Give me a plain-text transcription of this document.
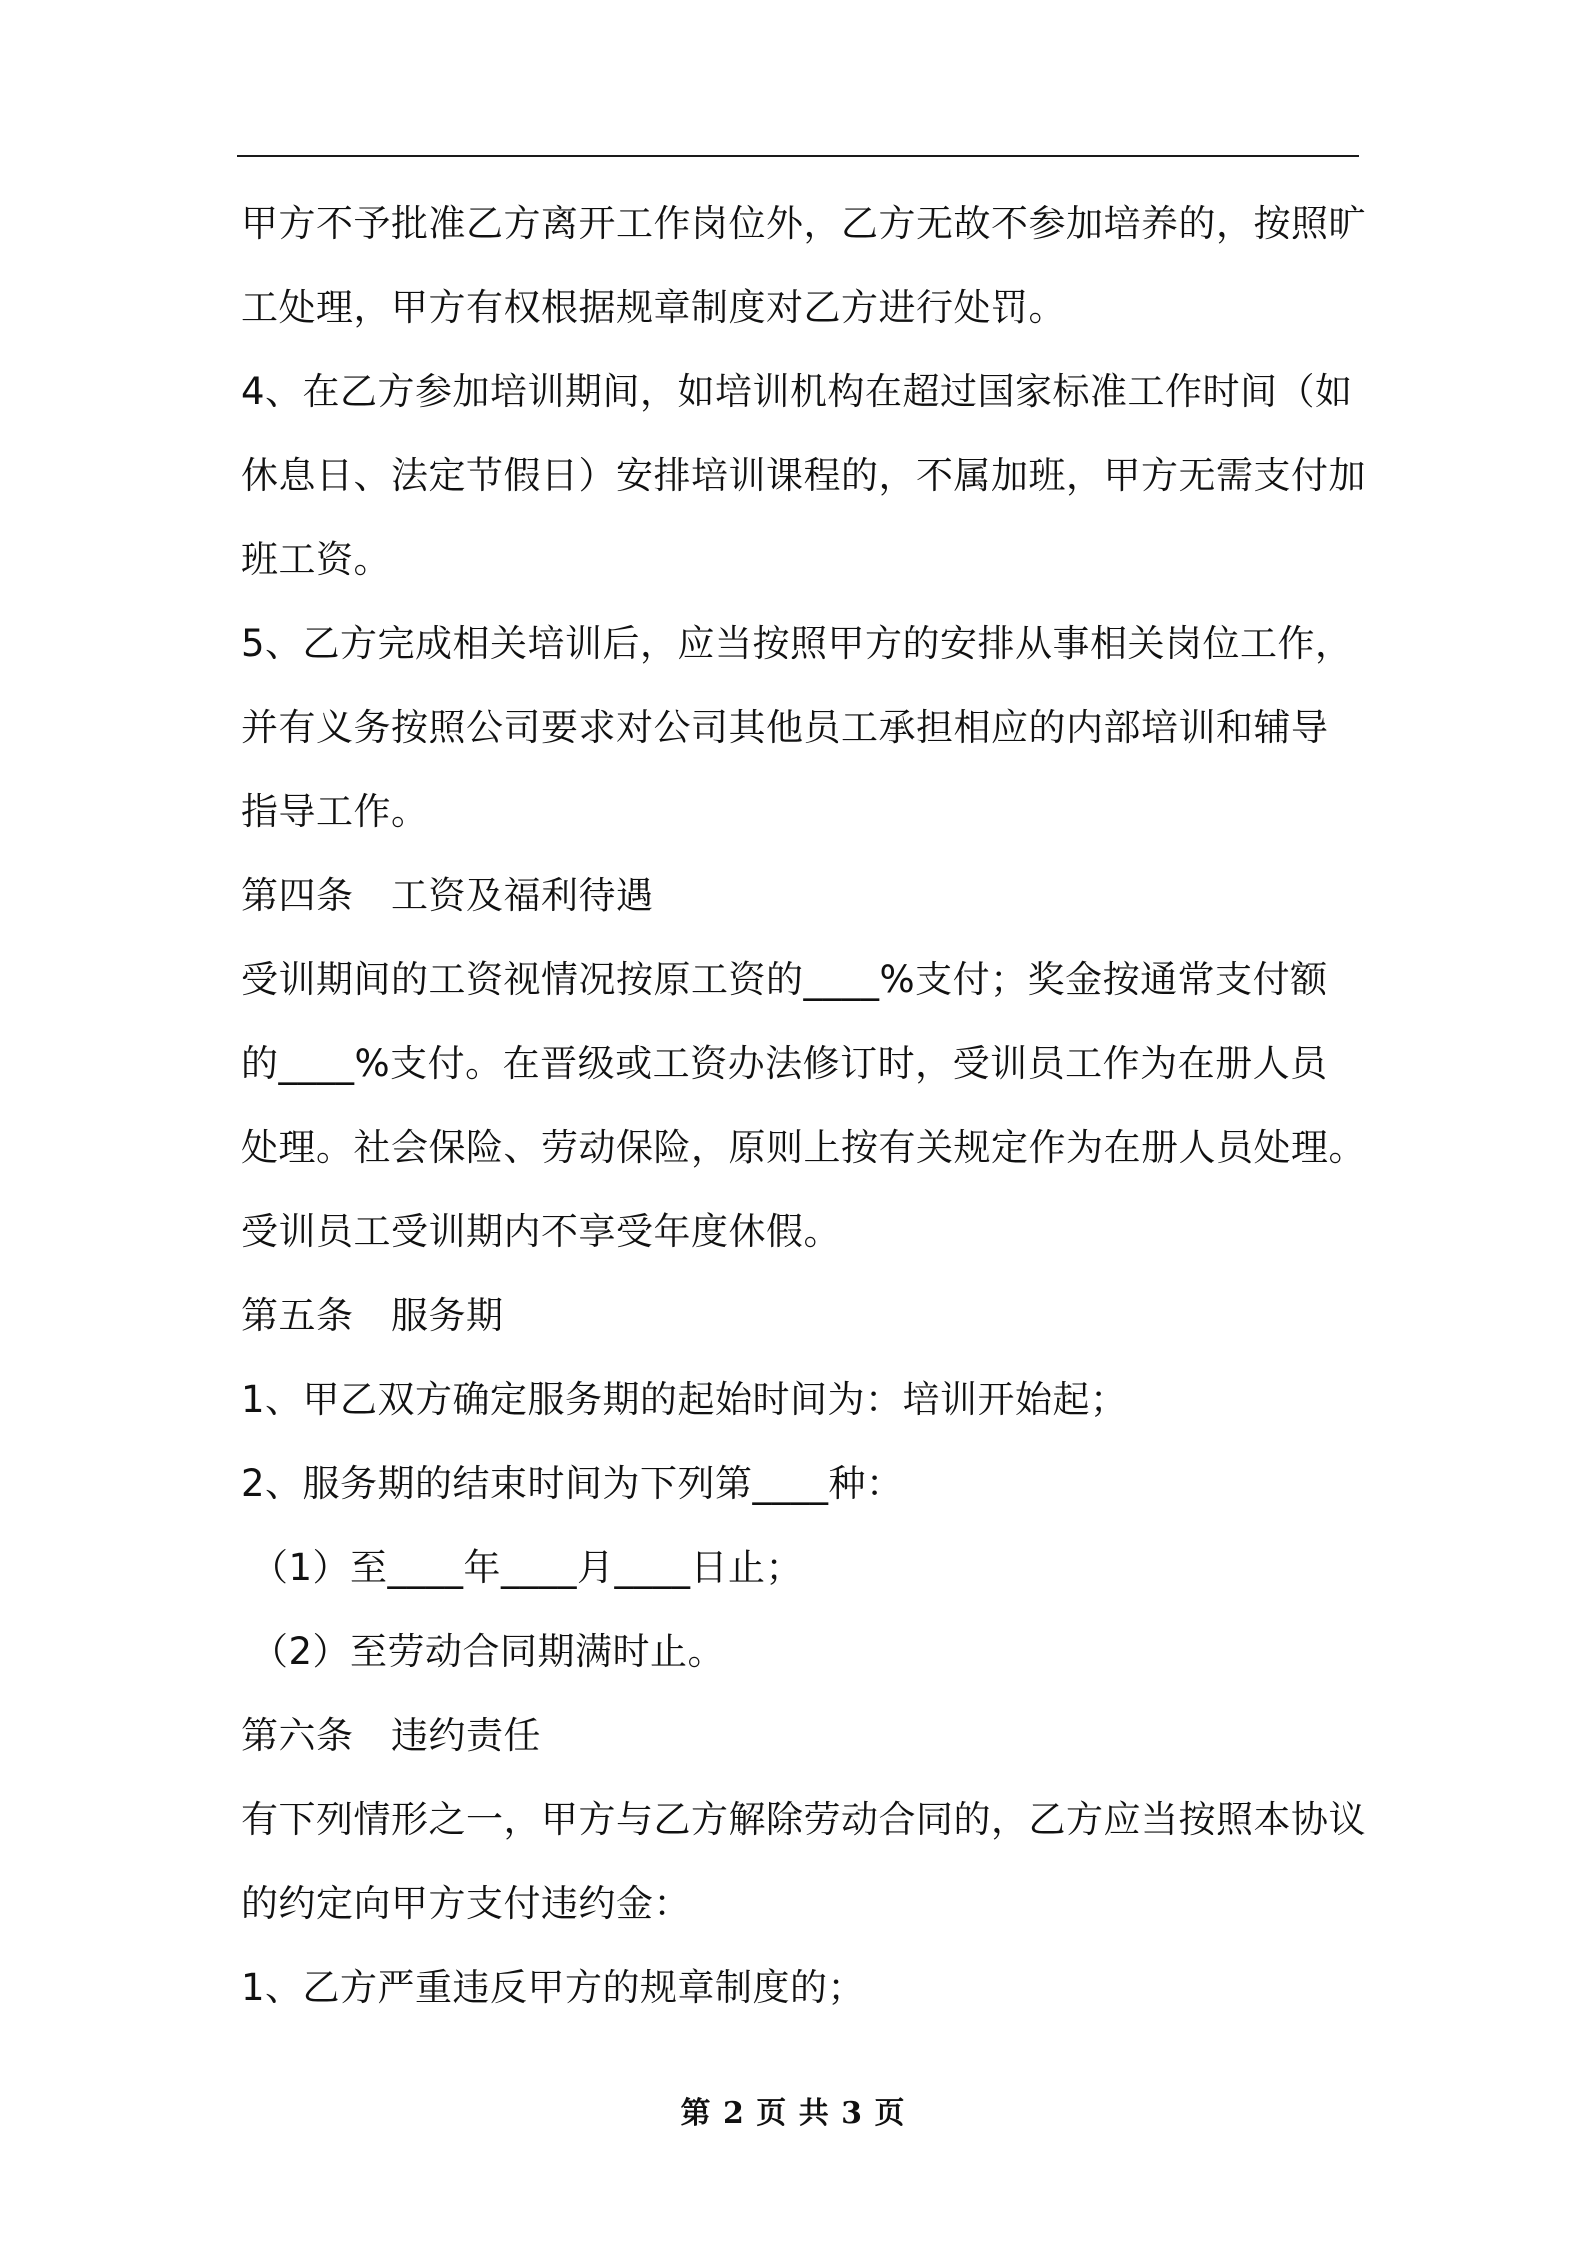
甲方不予批准乙方离开工作岗位外，乙方无故不参加培养的，按照旷
工处理，甲方有权根据规章制度对乙方进行处罚。
4、在乙方参加培训期间，如培训机构在超过国家标准工作时间（如
休息日、法定节假日）安排培训课程的，不属加班，甲方无需支付加
班工资。
5、乙方完成相关培训后，应当按照甲方的安排从事相关岗位工作，
并有义务按照公司要求对公司其他员工承担相应的内部培训和辅导
指导工作。
第四条　工资及福利待遇
受训期间的工资视情况按原工资的____%支付；奖金按通常支付额
的____%支付。在晋级或工资办法修订时，受训员工作为在册人员
处理。社会保险、劳动保险，原则上按有关规定作为在册人员处理。
受训员工受训期内不享受年度休假。
第五条　服务期
1、甲乙双方确定服务期的起始时间为：培训开始起；
2、服务期的结束时间为下列第____种：
（1）至____年____月____日止；
（2）至劳动合同期满时止。
第六条　违约责任
有下列情形之一，甲方与乙方解除劳动合同的，乙方应当按照本协议
的约定向甲方支付违约金：
1、乙方严重违反甲方的规章制度的；
第 2 页 共 3 页
